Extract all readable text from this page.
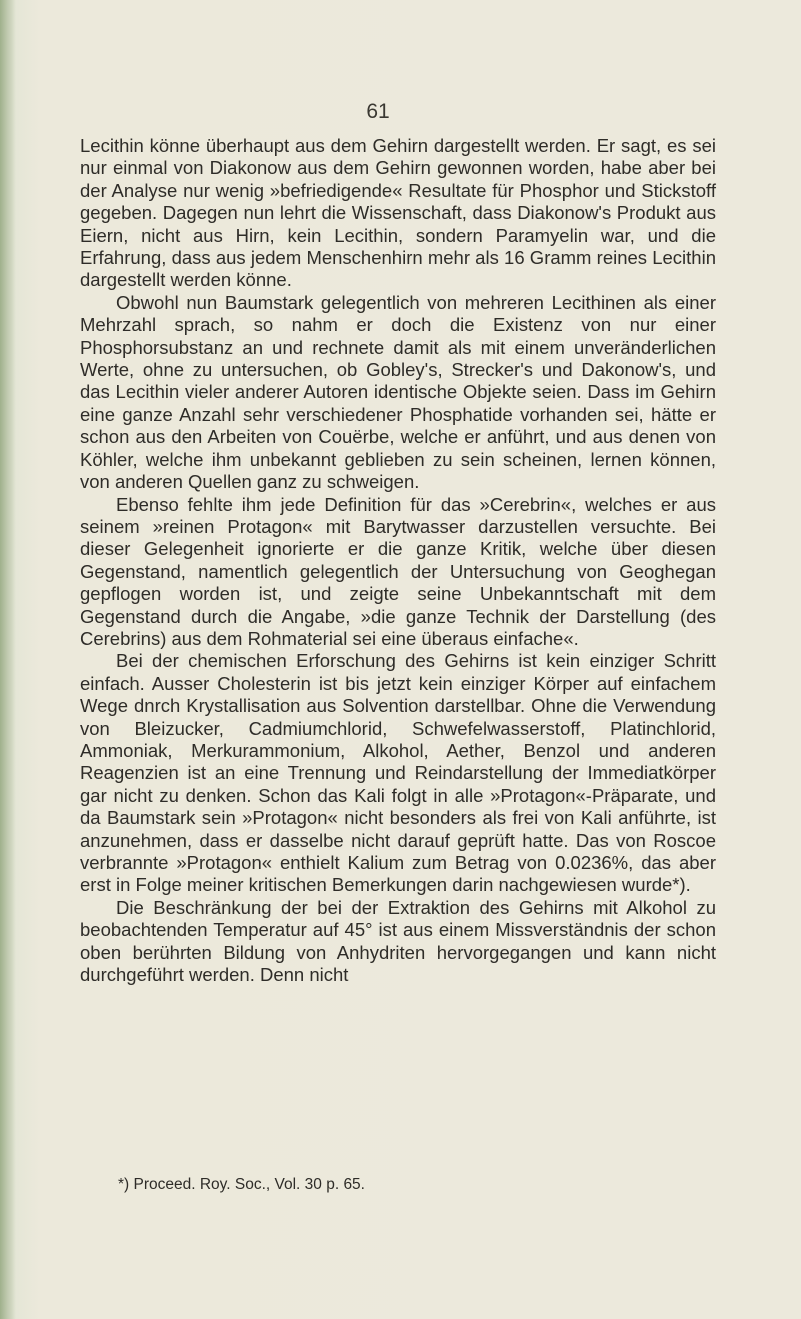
61

Lecithin könne überhaupt aus dem Gehirn dargestellt werden. Er sagt, es sei nur einmal von Diakonow aus dem Gehirn gewonnen worden, habe aber bei der Analyse nur wenig »befriedigende« Resultate für Phosphor und Stickstoff gegeben. Dagegen nun lehrt die Wissenschaft, dass Diakonow's Produkt aus Eiern, nicht aus Hirn, kein Lecithin, sondern Paramyelin war, und die Erfahrung, dass aus jedem Menschenhirn mehr als 16 Gramm reines Lecithin dargestellt werden könne.

Obwohl nun Baumstark gelegentlich von mehreren Lecithinen als einer Mehrzahl sprach, so nahm er doch die Existenz von nur einer Phosphorsubstanz an und rechnete damit als mit einem unveränderlichen Werte, ohne zu untersuchen, ob Gobley's, Strecker's und Dakonow's, und das Lecithin vieler anderer Autoren identische Objekte seien. Dass im Gehirn eine ganze Anzahl sehr verschiedener Phosphatide vorhanden sei, hätte er schon aus den Arbeiten von Couërbe, welche er anführt, und aus denen von Köhler, welche ihm unbekannt geblieben zu sein scheinen, lernen können, von anderen Quellen ganz zu schweigen.

Ebenso fehlte ihm jede Definition für das »Cerebrin«, welches er aus seinem »reinen Protagon« mit Barytwasser darzustellen versuchte. Bei dieser Gelegenheit ignorierte er die ganze Kritik, welche über diesen Gegenstand, namentlich gelegentlich der Untersuchung von Geoghegan gepflogen worden ist, und zeigte seine Unbekanntschaft mit dem Gegenstand durch die Angabe, »die ganze Technik der Darstellung (des Cerebrins) aus dem Rohmaterial sei eine überaus einfache«.

Bei der chemischen Erforschung des Gehirns ist kein einziger Schritt einfach. Ausser Cholesterin ist bis jetzt kein einziger Körper auf einfachem Wege dnrch Krystallisation aus Solvention darstellbar. Ohne die Verwendung von Bleizucker, Cadmiumchlorid, Schwefelwasserstoff, Platinchlorid, Ammoniak, Merkurammonium, Alkohol, Aether, Benzol und anderen Reagenzien ist an eine Trennung und Reindarstellung der Immediatkörper gar nicht zu denken. Schon das Kali folgt in alle »Protagon«-Präparate, und da Baumstark sein »Protagon« nicht besonders als frei von Kali anführte, ist anzunehmen, dass er dasselbe nicht darauf geprüft hatte. Das von Roscoe verbrannte »Protagon« enthielt Kalium zum Betrag von 0.0236%, das aber erst in Folge meiner kritischen Bemerkungen darin nachgewiesen wurde*).

Die Beschränkung der bei der Extraktion des Gehirns mit Alkohol zu beobachtenden Temperatur auf 45° ist aus einem Missverständnis der schon oben berührten Bildung von Anhydriten hervorgegangen und kann nicht durchgeführt werden. Denn nicht

*) Proceed. Roy. Soc., Vol. 30 p. 65.
